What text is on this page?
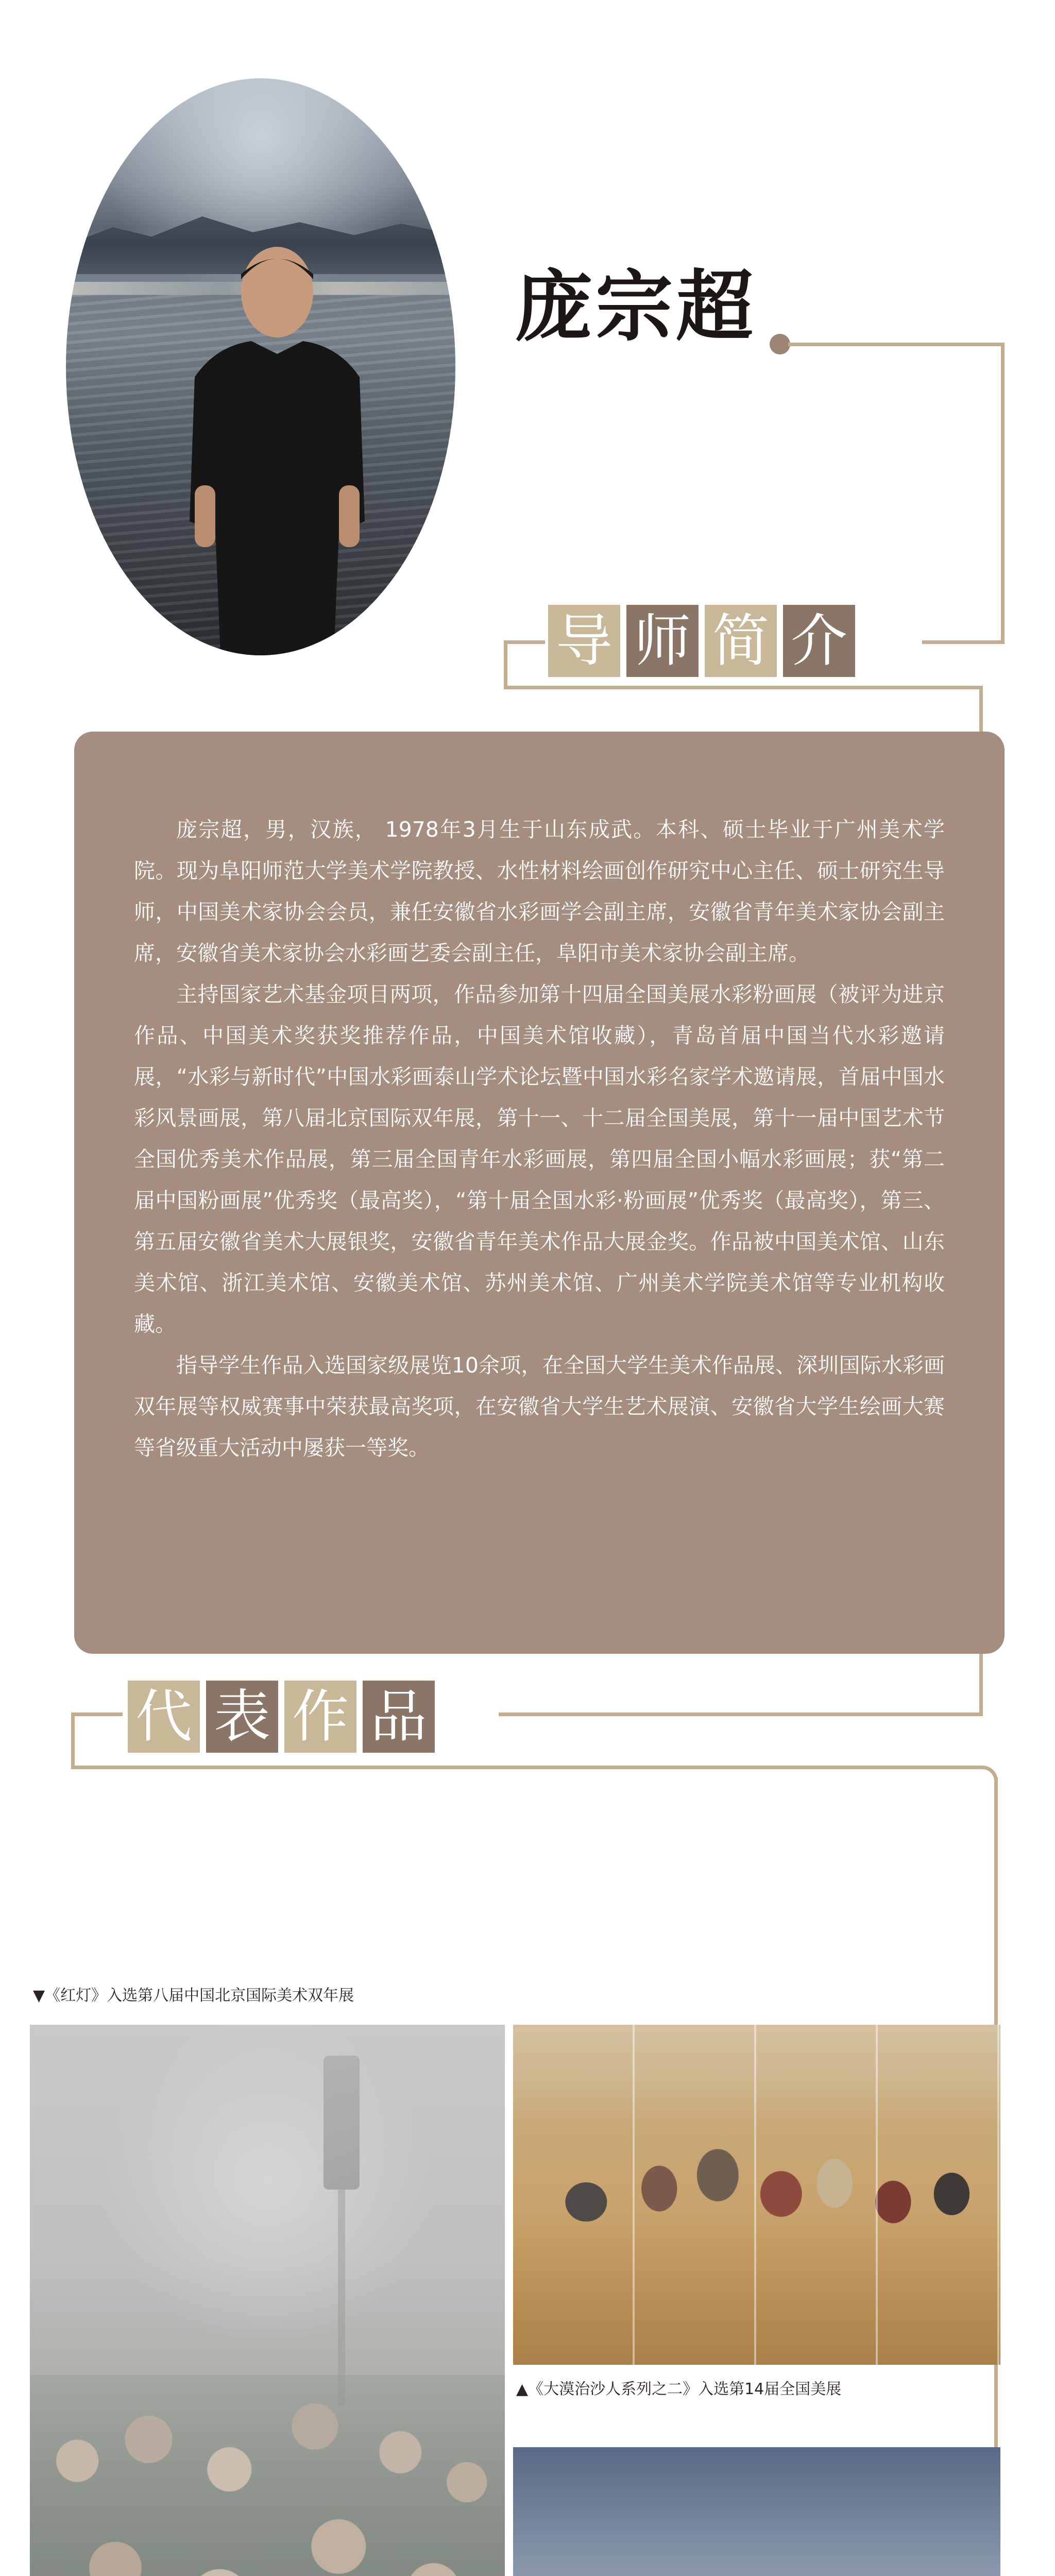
庞宗超
导 师 简 介

庞宗超，男，汉族， 1978年3月生于山东成武。本科、硕士毕业于广州美术学院。现为阜阳师范大学美术学院教授、水性材料绘画创作研究中心主任、硕士研究生导师，中国美术家协会会员，兼任安徽省水彩画学会副主席，安徽省青年美术家协会副主席，安徽省美术家协会水彩画艺委会副主任，阜阳市美术家协会副主席。

主持国家艺术基金项目两项，作品参加第十四届全国美展水彩粉画展（被评为进京作品、中国美术奖获奖推荐作品，中国美术馆收藏），青岛首届中国当代水彩邀请展，“水彩与新时代”中国水彩画泰山学术论坛暨中国水彩名家学术邀请展，首届中国水彩风景画展，第八届北京国际双年展，第十一、十二届全国美展，第十一届中国艺术节全国优秀美术作品展，第三届全国青年水彩画展，第四届全国小幅水彩画展；获“第二届中国粉画展”优秀奖（最高奖），“第十届全国水彩·粉画展”优秀奖（最高奖），第三、第五届安徽省美术大展银奖，安徽省青年美术作品大展金奖。作品被中国美术馆、山东美术馆、浙江美术馆、安徽美术馆、苏州美术馆、广州美术学院美术馆等专业机构收藏。

指导学生作品入选国家级展览10余项，在全国大学生美术作品展、深圳国际水彩画双年展等权威赛事中荣获最高奖项，在安徽省大学生艺术展演、安徽省大学生绘画大赛等省级重大活动中屡获一等奖。

代 表 作 品
▼《红灯》入选第八届中国北京国际美术双年展
▲《大漠治沙人系列之二》入选第14届全国美展
